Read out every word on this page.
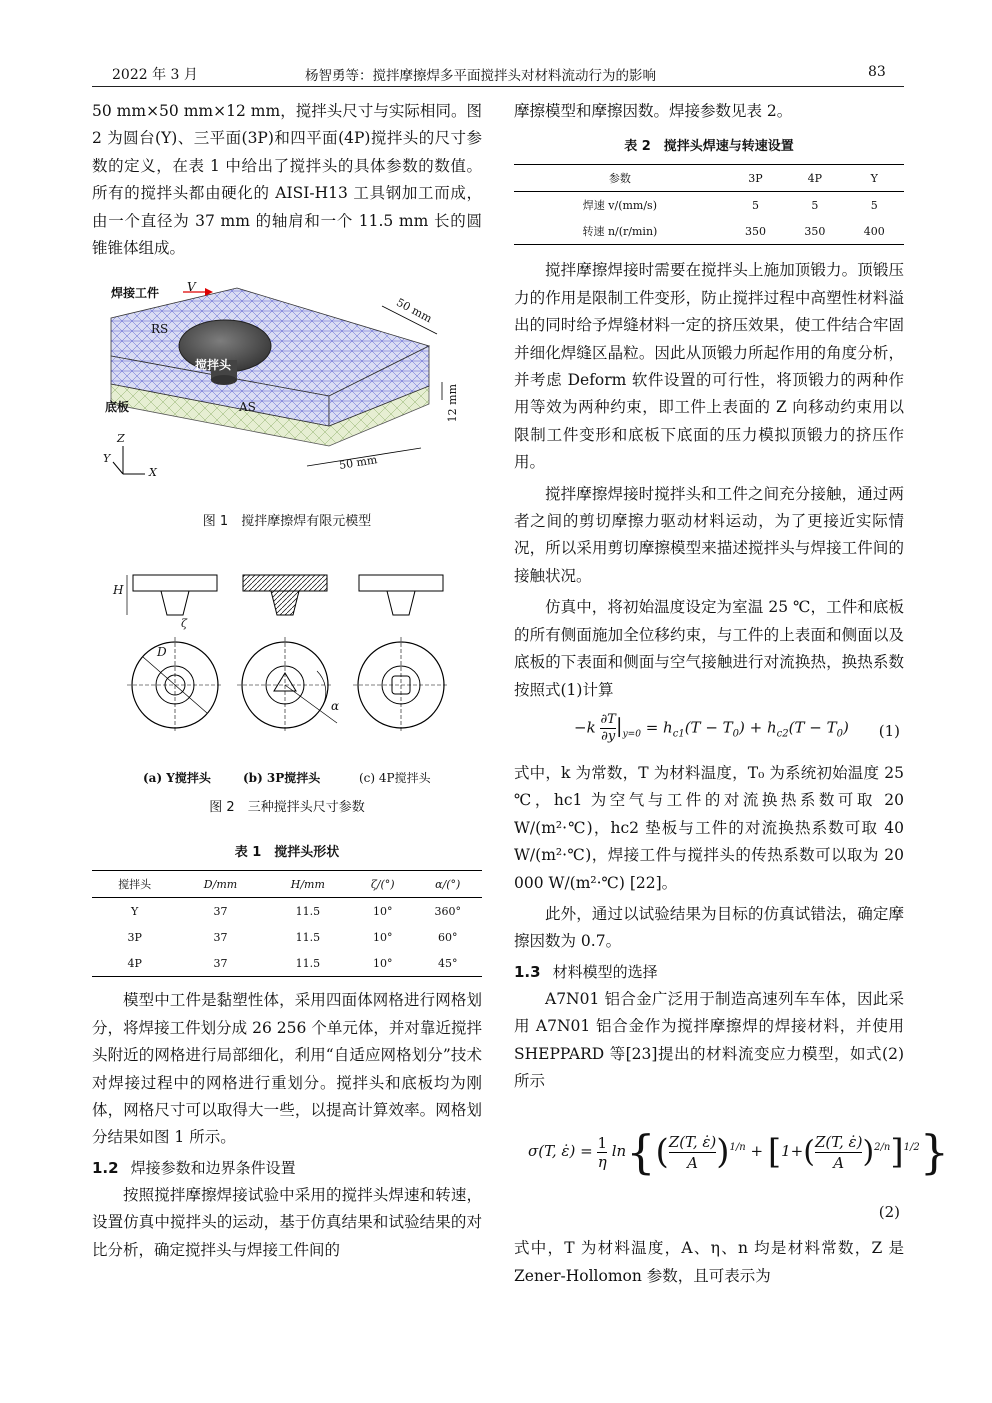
2022 年 3 月	杨智勇等：搅拌摩擦焊多平面搅拌头对材料流动行为的影响	83

50 mm×50 mm×12 mm，搅拌头尺寸与实际相同。图 2 为圆台(Y)、三平面(3P)和四平面(4P)搅拌头的尺寸参数的定义，在表 1 中给出了搅拌头的具体参数的数值。所有的搅拌头都由硬化的 AISI-H13 工具钢加工而成，由一个直径为 37 mm 的轴肩和一个 11.5 mm 长的圆锥锥体组成。

焊接工件 V
RS
AS
搅拌头
底板
Z
Y
X
50 mm
12 mm
50 mm
图 1　搅拌摩擦焊有限元模型
H
D
ζ
α
(a) Y搅拌头	(b) 3P搅拌头	(c) 4P搅拌头
图 2　三种搅拌头尺寸参数
表 1　搅拌头形状
搅拌头	D/mm	H/mm	ζ/(°)	α/(°)
Y	37	11.5	10°	360°
3P	37	11.5	10°	60°
4P	37	11.5	10°	45°

模型中工件是黏塑性体，采用四面体网格进行网格划分，将焊接工件划分成 26 256 个单元体，并对靠近搅拌头附近的网格进行局部细化，利用“自适应网格划分”技术对焊接过程中的网格进行重划分。搅拌头和底板均为刚体，网格尺寸可以取得大一些，以提高计算效率。网格划分结果如图 1 所示。

1.2 焊接参数和边界条件设置

按照搅拌摩擦焊接试验中采用的搅拌头焊速和转速，设置仿真中搅拌头的运动，基于仿真结果和试验结果的对比分析，确定搅拌头与焊接工件间的

摩擦模型和摩擦因数。焊接参数见表 2。

表 2　搅拌头焊速与转速设置
参数	3P	4P	Y
焊速 v/(mm/s)	5	5	5
转速 n/(r/min)	350	350	400

搅拌摩擦焊接时需要在搅拌头上施加顶锻力。顶锻压力的作用是限制工件变形，防止搅拌过程中高塑性材料溢出的同时给予焊缝材料一定的挤压效果，使工件结合牢固并细化焊缝区晶粒。因此从顶锻力所起作用的角度分析，并考虑 Deform 软件设置的可行性，将顶锻力的两种作用等效为两种约束，即工件上表面的 Z 向移动约束用以限制工件变形和底板下底面的压力模拟顶锻力的挤压作用。

搅拌摩擦焊接时搅拌头和工件之间充分接触，通过两者之间的剪切摩擦力驱动材料运动，为了更接近实际情况，所以采用剪切摩擦模型来描述搅拌头与焊接工件间的接触状况。

仿真中，将初始温度设定为室温 25 ℃，工件和底板的所有侧面施加全位移约束，与工件的上表面和侧面以及底板的下表面和侧面与空气接触进行对流换热，换热系数按照式(1)计算

$-k \frac{\partial T}{\partial y} |_{y=0} = h_{c1}(T - T_0) + h_{c2}(T - T_0)$ (1)

式中，k 为常数，T 为材料温度，T₀ 为系统初始温度 25 ℃，hc1 为空气与工件的对流换热系数可取 20 W/(m²·℃)，hc2 垫板与工件的对流换热系数可取 40 W/(m²·℃)，焊接工件与搅拌头的传热系数可以取为 20 000 W/(m²·℃) [22]。

此外，通过以试验结果为目标的仿真试错法，确定摩擦因数为 0.7。

1.3 材料模型的选择

A7N01 铝合金广泛用于制造高速列车车体，因此采用 A7N01 铝合金作为搅拌摩擦焊的焊接材料，并使用 SHEPPARD 等[23]提出的材料流变应力模型，如式(2)所示

σ(T, ε̇) = $\frac{1}{\eta} \ln\{( \frac{Z(T, \varepsiloṅ)}{A} )^{1/n} + [1+( \frac{Z(T, \varepsiloṅ)}{A} )^{2/n}]^{1/2}\}$
(2)

式中，T 为材料温度，A、η、n 均是材料常数，Z 是 Zener-Hollomon 参数，且可表示为
